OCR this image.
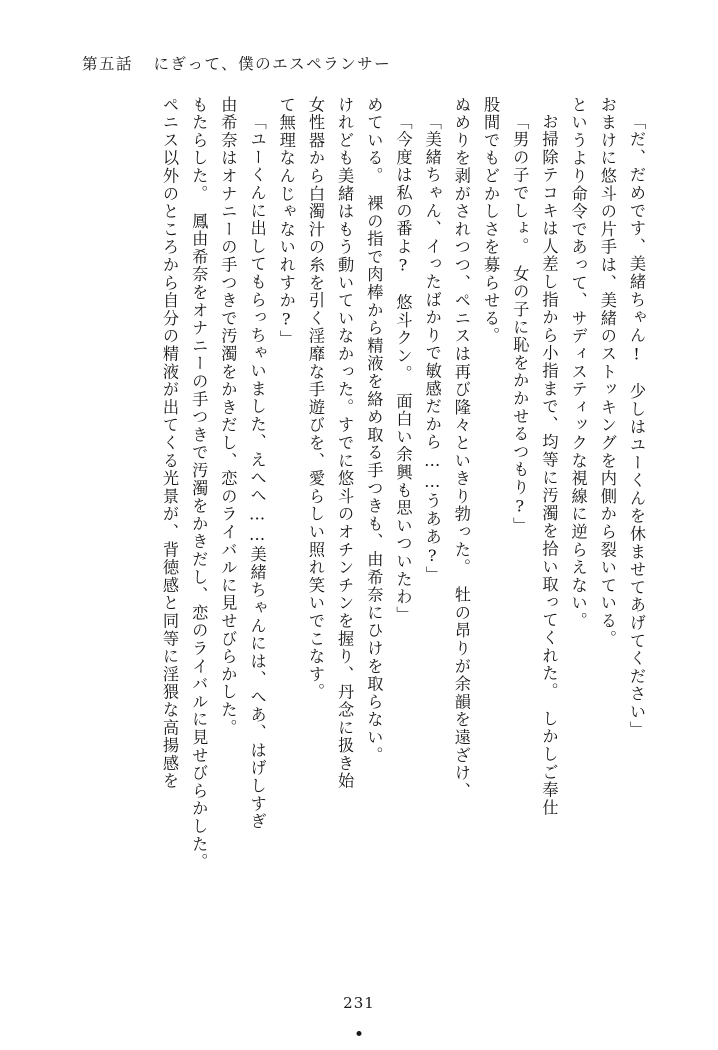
第五話 にぎって、僕のエスペランサー
ペニス以外のところから自分の精液が出てくる光景が、背徳感と同等に淫猥な高揚感を もたらした。　鳳由希奈をオナニーの手つきで汚濁をかきだし、恋のライバルに見せびらかした。 由希奈はオナニーの手つきで汚濁をかきだし、恋のライバルに見せびらかした。 「ユーくんに出してもらっちゃいました、えへへ……美緒ちゃんには、へあ、はげしすぎ て無理なんじゃないれすか?」 女性器から白濁汁の糸を引く淫靡な手遊びを、愛らしい照れ笑いでこなす。 けれども美緒はもう動いていなかった。すでに悠斗のオチンチンを握り、丹念に扱き始 めている。　裸の指で肉棒から精液を絡め取る手つきも、由希奈にひけを取らない。 「今度は私の番よ?　悠斗クン。　面白い余興も思いついたわ」 「美緒ちゃん、イったばかりで敏感だから……うああ?」 ぬめりを剥がされつつ、ペニスは再び隆々といきり勃った。　牡の昂りが余韻を遠ざけ、 股間でもどかしさを募らせる。 「男の子でしょ。　女の子に恥をかかせるつもり?」 お掃除テコキは人差し指から小指まで、均等に汚濁を拾い取ってくれた。　しかしご奉仕 というより命令であって、サディスティックな視線に逆らえない。 おまけに悠斗の片手は、美緒のストッキングを内側から裂いている。 「だ、だめです、美緒ちゃん!　少しはユーくんを休ませてあげてください」
231
